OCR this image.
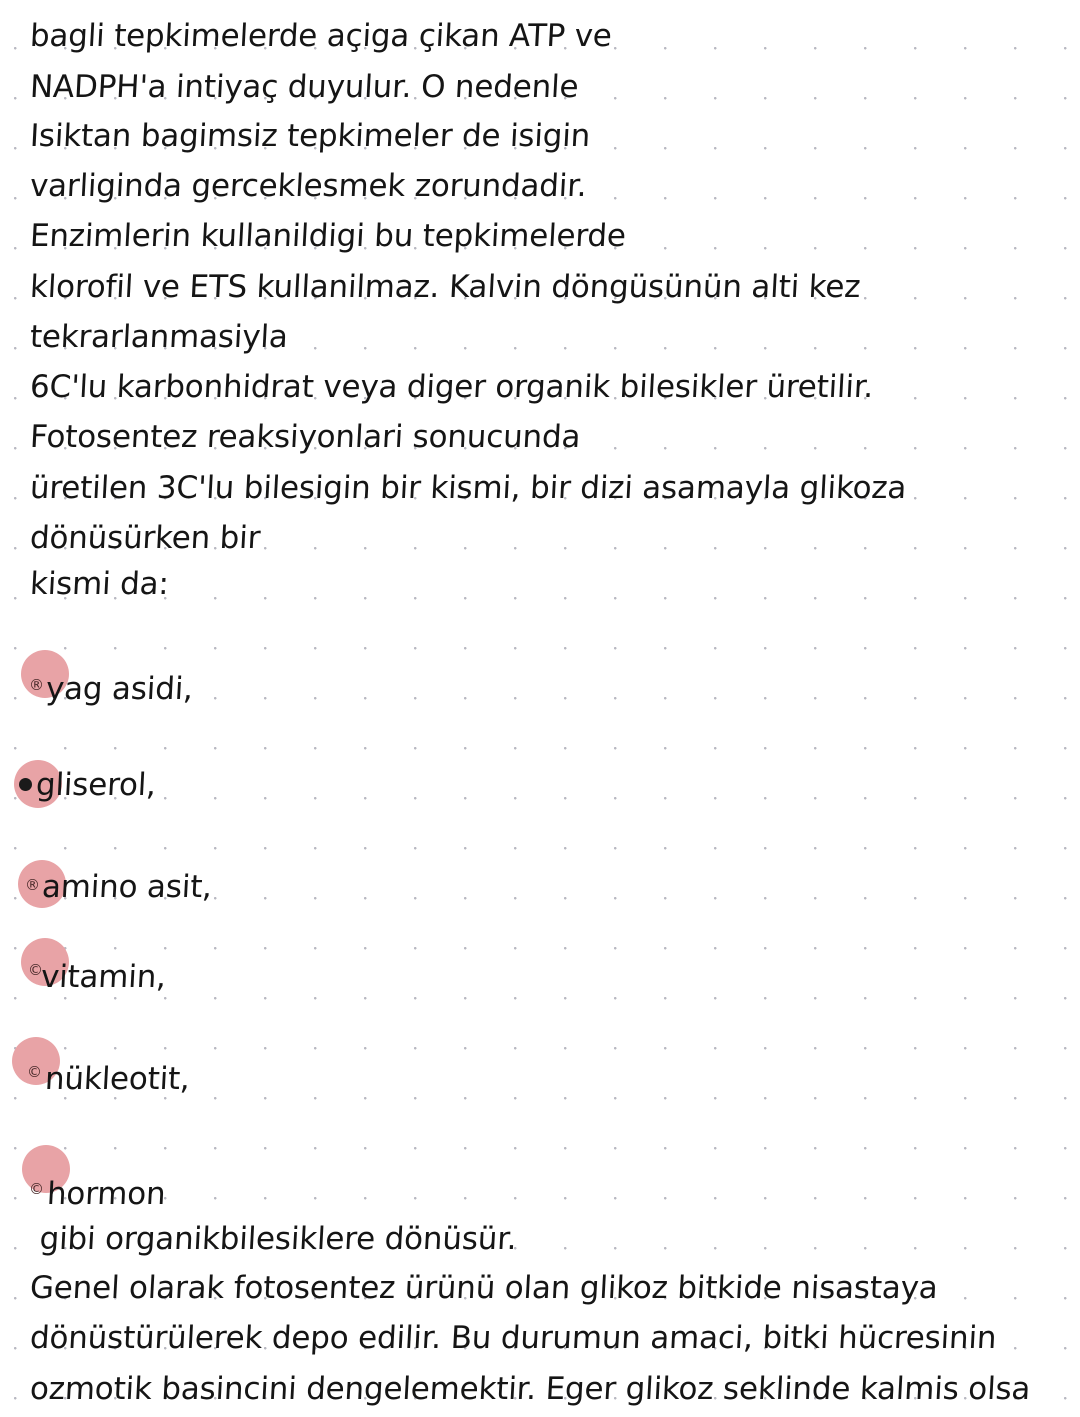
bagli tepkimelerde açiga çikan ATP ve
NADPH'a intiyaç duyulur. O nedenle
Isiktan bagimsiz tepkimeler de isigin
varliginda gerceklesmek zorundadir.
Enzimlerin kullanildigi bu tepkimelerde
klorofil ve ETS kullanilmaz. Kalvin döngüsünün alti kez
tekrarlanmasiyla
6C'lu karbonhidrat veya diger organik bilesikler üretilir.
Fotosentez reaksiyonlari sonucunda
üretilen 3C'lu bilesigin bir kismi, bir dizi asamayla glikoza
dönüsürken bir
kismi da:
® yag asidi,
gliserol,
® amino asit,
©
vitamin,
© nükleotit,
© hormon
gibi organikbilesiklere dönüsür.
Genel olarak fotosentez ürünü olan glikoz bitkide nisastaya
dönüstürülerek depo edilir. Bu durumun amaci, bitki hücresinin
ozmotik basincini dengelemektir. Eger glikoz seklinde kalmis olsa
